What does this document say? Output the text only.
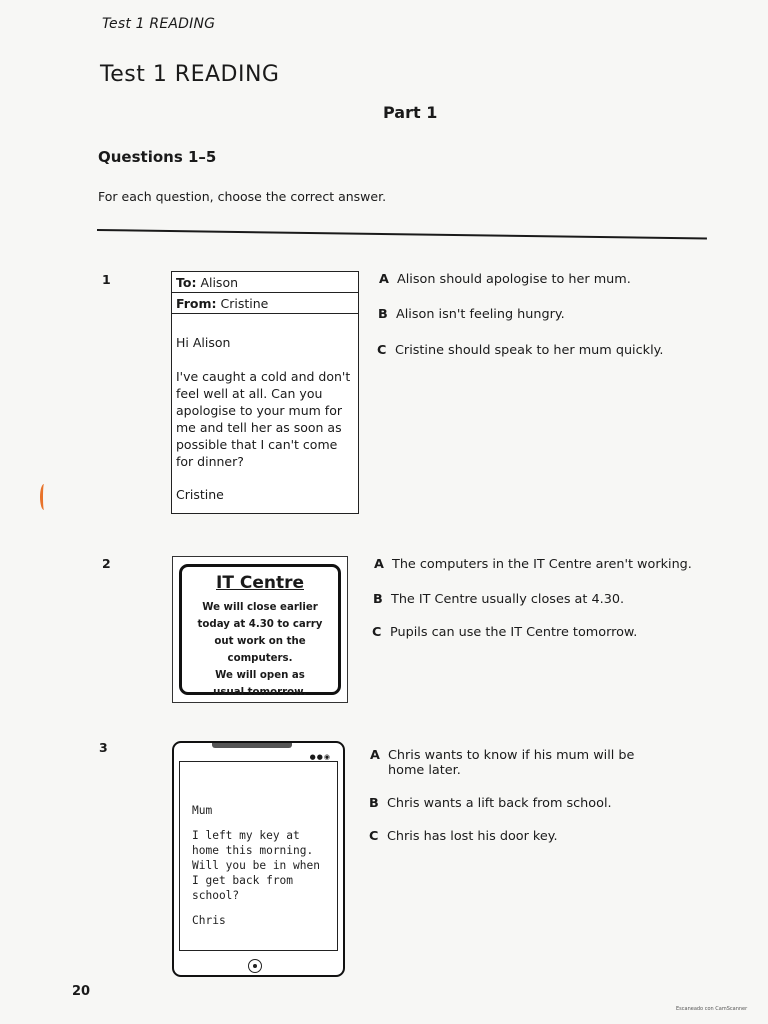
Test 1 READING
Test 1 READING
Part 1
Questions 1–5
For each question, choose the correct answer.
1	To: Alison
From: Cristine
Hi Alison
I've caught a cold and don't feel well at all. Can you apologise to your mum for me and tell her as soon as possible that I can't come for dinner?
Cristine
A Alison should apologise to her mum.
B Alison isn't feeling hungry.
C Cristine should speak to her mum quickly.
2
IT Centre
We will close earlier today at 4.30 to carry out work on the computers.
We will open as usual tomorrow.
A The computers in the IT Centre aren't working.
B The IT Centre usually closes at 4.30.
C Pupils can use the IT Centre tomorrow.
3
●●◉
Mum
I left my key at home this morning. Will you be in when I get back from school?
Chris
A Chris wants to know if his mum will be home later.
B Chris wants a lift back from school.
C Chris has lost his door key.
20
Escaneado con CamScanner
